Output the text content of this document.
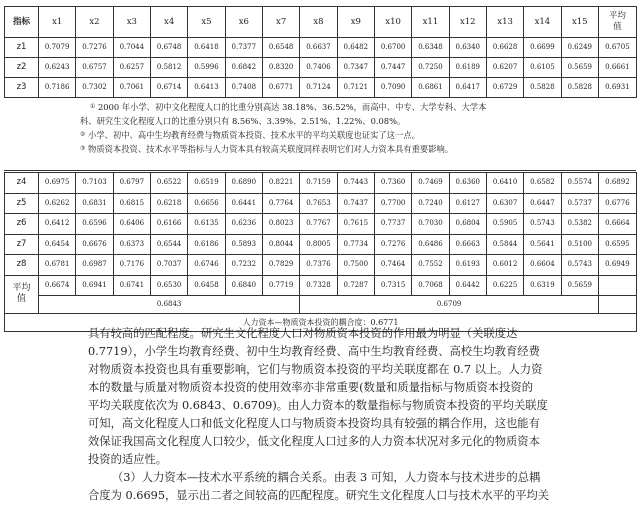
指标	x1	x2	x3	x4	x5	x6	x7	x8	x9	x10	x11	x12	x13	x14	x15	平均
值
z1	0.7079	0.7276	0.7044	0.6748	0.6418	0.7377	0.6548	0.6637	0.6482	0.6700	0.6348	0.6340	0.6628	0.6699	0.6249	0.6705
z2	0.6243	0.6757	0.6257	0.5812	0.5996	0.6842	0.8320	0.7406	0.7347	0.7447	0.7250	0.6189	0.6207	0.6105	0.5659	0.6661
z3	0.7186	0.7302	0.7061	0.6714	0.6413	0.7408	0.6771	0.7124	0.7121	0.7090	0.6861	0.6417	0.6729	0.5828	0.5828	0.6931
① 2000 年小学、初中文化程度人口的比重分别高达 38.18%、36.52%，而高中、中专、大学专科、大学本
科、研究生文化程度人口的比重分别只有 8.56%、3.39%、2.51%、1.22%、0.08%。
② 小学、初中、高中生均教育经费与物质资本投资、技术水平的平均关联度也证实了这一点。
③ 物质资本投资、技术水平等指标与人力资本具有较高关联度同样表明它们对人力资本具有重要影响。
z4	0.6975	0.7103	0.6797	0.6522	0.6519	0.6890	0.8221	0.7159	0.7443	0.7360	0.7469	0.6360	0.6410	0.6582	0.5574	0.6892
z5	0.6262	0.6831	0.6815	0.6218	0.6656	0.6441	0.7764	0.7653	0.7437	0.7700	0.7240	0.6127	0.6307	0.6447	0.5737	0.6776
z6	0.6412	0.6596	0.6406	0.6166	0.6135	0.6236	0.8023	0.7767	0.7615	0.7737	0.7030	0.6804	0.5905	0.5743	0.5382	0.6664
z7	0.6454	0.6676	0.6373	0.6544	0.6186	0.5893	0.8044	0.8005	0.7734	0.7276	0.6486	0.6663	0.5844	0.5641	0.5100	0.6595
z8	0.6781	0.6987	0.7176	0.7037	0.6746	0.7232	0.7829	0.7376	0.7500	0.7464	0.7552	0.6193	0.6012	0.6604	0.5743	0.6949
平均
值	0.6674	0.6941	0.6741	0.6530	0.6458	0.6840	0.7719	0.7328	0.7287	0.7315	0.7068	0.6442	0.6225	0.6319	0.5659	
	0.6843							0.6709								
人力资本—物质资本投资的耦合度：0.6771																
具有较高的匹配程度。研究生文化程度人口对物质资本投资的作用最为明显（关联度达
0.7719），小学生均教育经费、初中生均教育经费、高中生均教育经费、高校生均教育经费
对物质资本投资也具有重要影响，它们与物质资本投资的平均关联度都在 0.7 以上。人力资
本的数量与质量对物质资本投资的使用效率亦非常重要(数量和质量指标与物质资本投资的
平均关联度依次为 0.6843、0.6709)。由人力资本的数量指标与物质资本投资的平均关联度
可知，高文化程度人口和低文化程度人口与物质资本投资均具有较强的耦合作用，这也能有
效保证我国高文化程度人口较少，低文化程度人口过多的人力资本状况对多元化的物质资本
投资的适应性。
（3）人力资本—技术水平系统的耦合关系。由表 3 可知，人力资本与技术进步的总耦
合度为 0.6695，显示出二者之间较高的匹配程度。研究生文化程度人口与技术水平的平均关
